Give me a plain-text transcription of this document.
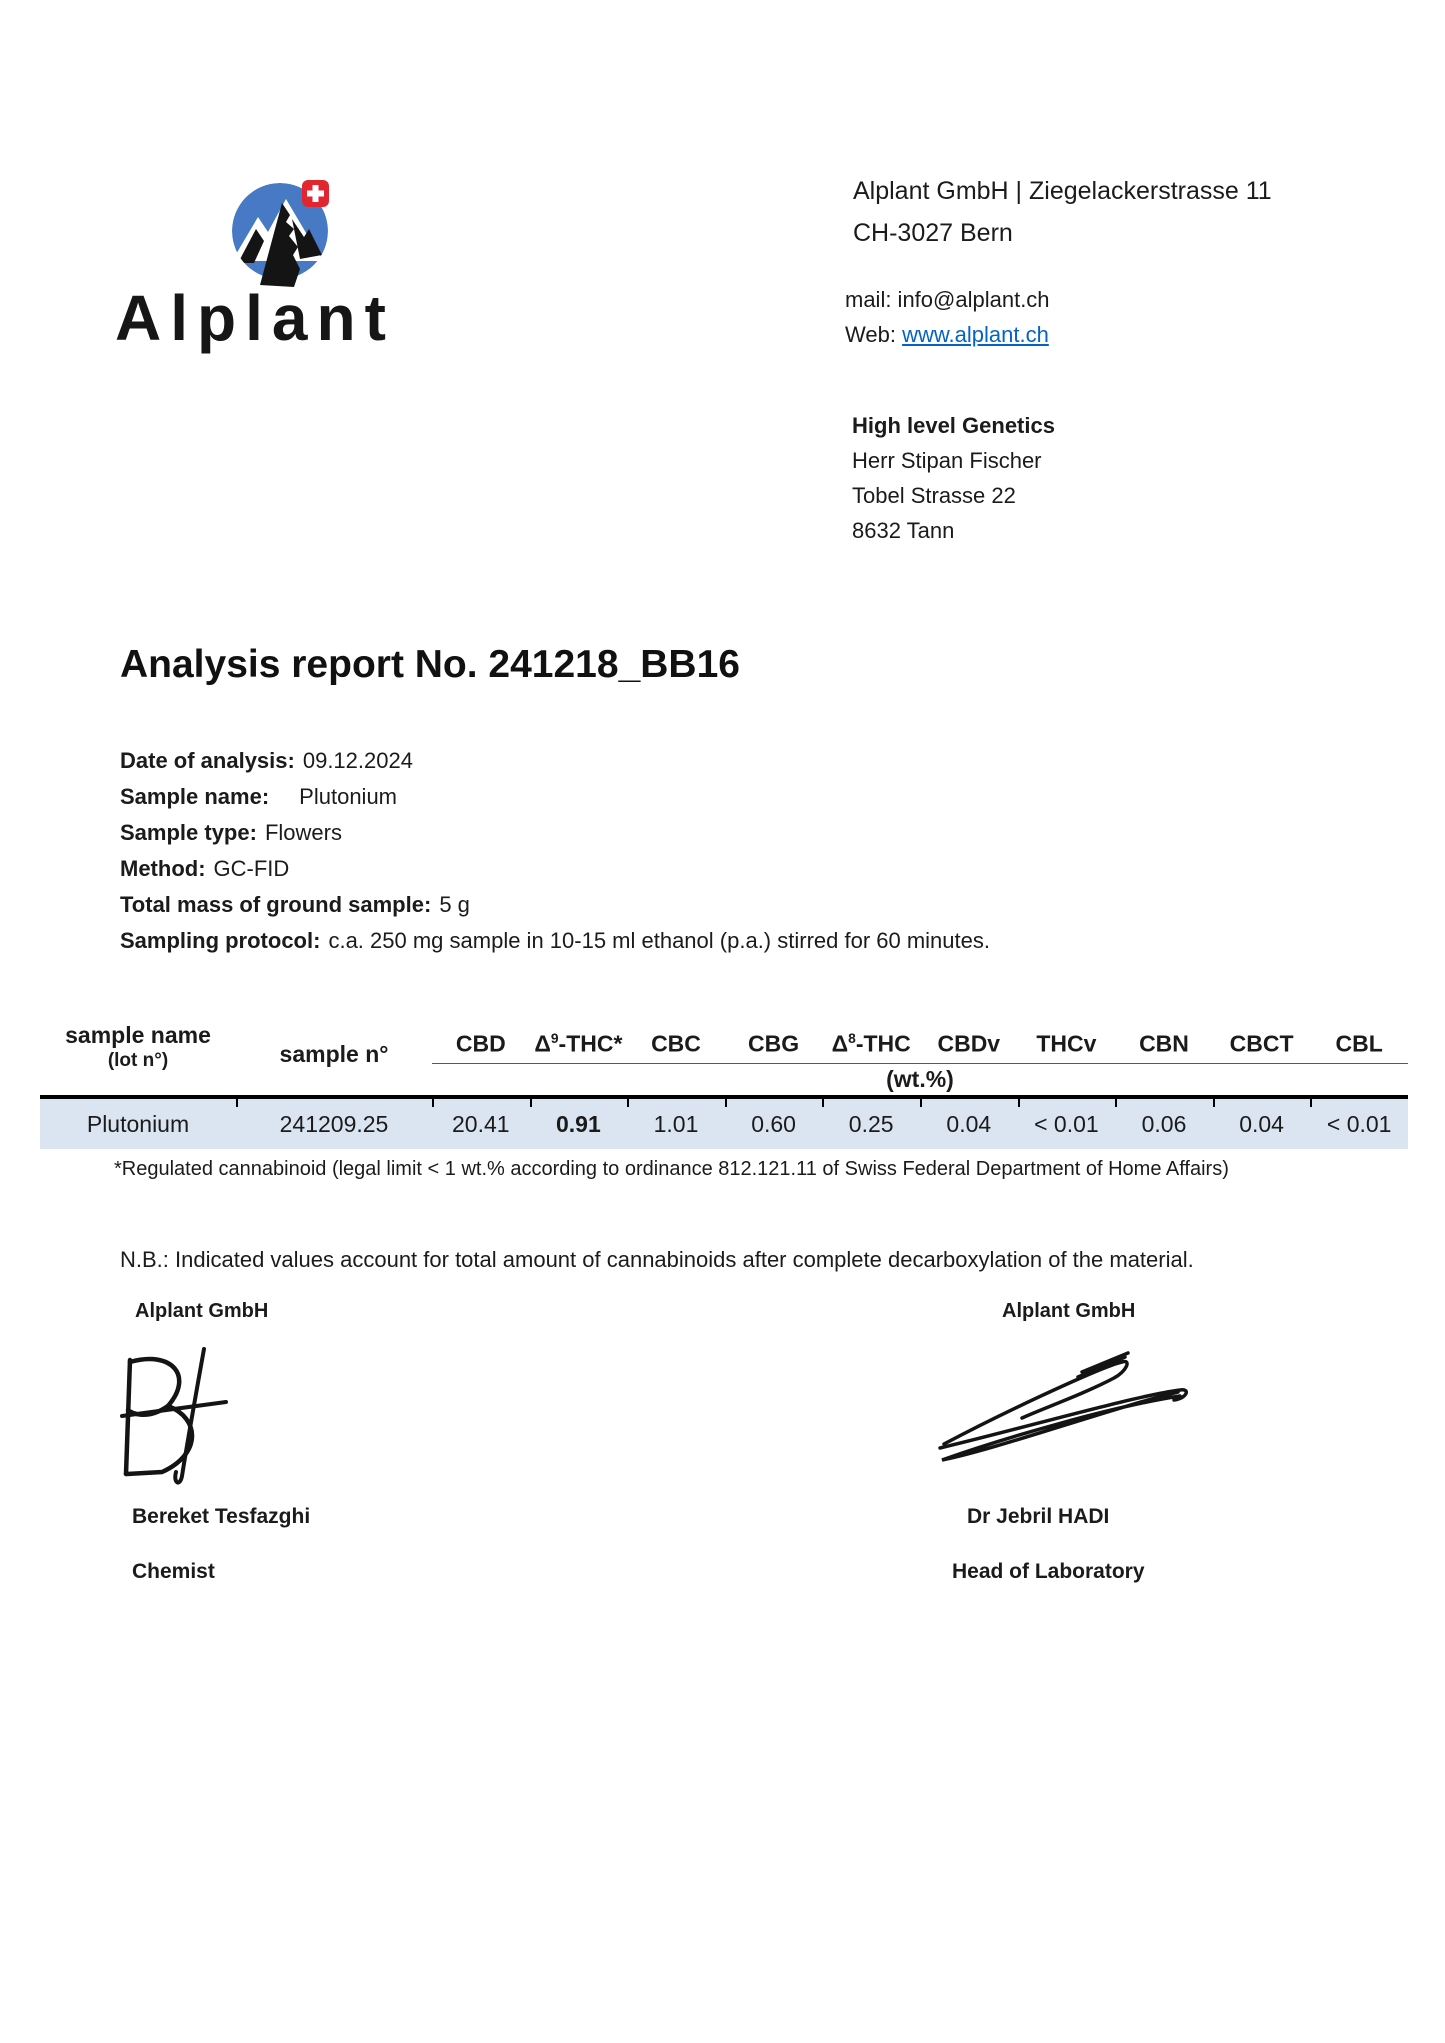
Alplant
Alplant GmbH | Ziegelackerstrasse 11
CH-3027 Bern
mail: info@alplant.ch
Web: www.alplant.ch
High level Genetics
Herr Stipan Fischer
Tobel Strasse 22
8632 Tann
Analysis report No. 241218_BB16
Date of analysis: 09.12.2024
Sample name: Plutonium
Sample type: Flowers
Method: GC-FID
Total mass of ground sample: 5 g
Sampling protocol: c.a. 250 mg sample in 10-15 ml ethanol (p.a.) stirred for 60 minutes.
sample name
(lot n°)	sample n°	CBD	$\Delta^9-THC*$	CBC	CBG	$\Delta^8$-THC	CBDv	THCv	CBN	CBCT	CBL
(wt.%)
Plutonium	241209.25	20.41	0.91	1.01	0.60	0.25	0.04	< 0.01	0.06	0.04	< 0.01
*Regulated cannabinoid (legal limit < 1 wt.% according to ordinance 812.121.11 of Swiss Federal Department of Home Affairs)
N.B.: Indicated values account for total amount of cannabinoids after complete decarboxylation of the material.
Alplant GmbH	Alplant GmbH
Bereket Tesfazghi	Dr Jebril HADI
Chemist	Head of Laboratory
